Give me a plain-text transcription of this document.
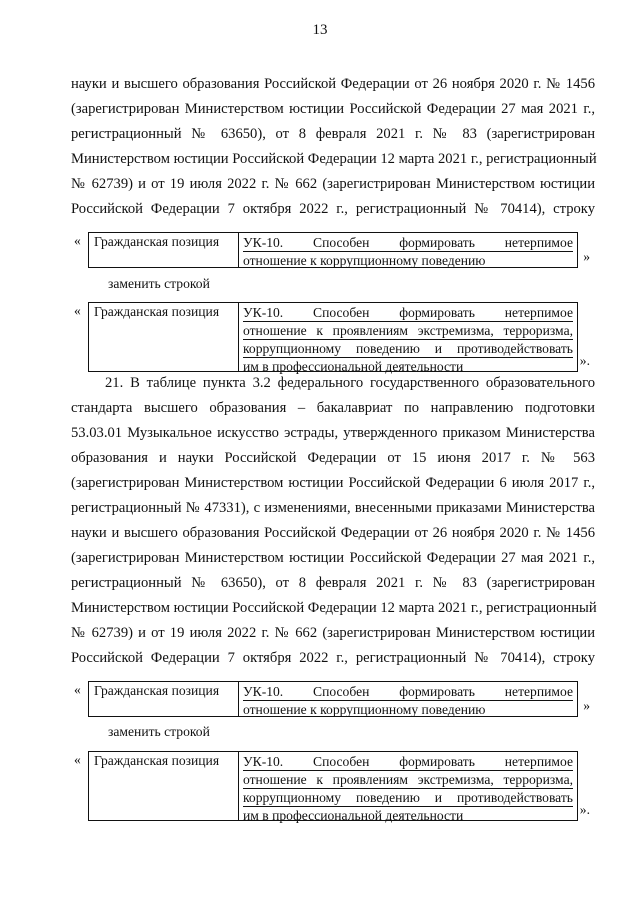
13
науки и высшего образования Российской Федерации от 26 ноября 2020 г. № 1456
(зарегистрирован Министерством юстиции Российской Федерации 27 мая 2021 г.,
регистрационный № 63650), от 8 февраля 2021 г. № 83 (зарегистрирован
Министерством юстиции Российской Федерации 12 марта 2021 г., регистрационный
№ 62739) и от 19 июля 2022 г. № 662 (зарегистрирован Министерством юстиции
Российской Федерации 7 октября 2022 г., регистрационный № 70414), строку
« Гражданская позиция	УК-10. Способен формировать нетерпимое
отношение к коррупционному поведению	»
заменить строкой
« Гражданская позиция	УК-10. Способен формировать нетерпимое
отношение к проявлениям экстремизма, терроризма,
коррупционному поведению и противодействовать
им в профессиональной деятельности	».
21. В таблице пункта 3.2 федерального государственного образовательного
стандарта высшего образования – бакалавриат по направлению подготовки
53.03.01 Музыкальное искусство эстрады, утвержденного приказом Министерства
образования и науки Российской Федерации от 15 июня 2017 г. № 563
(зарегистрирован Министерством юстиции Российской Федерации 6 июля 2017 г.,
регистрационный № 47331), с изменениями, внесенными приказами Министерства
науки и высшего образования Российской Федерации от 26 ноября 2020 г. № 1456
(зарегистрирован Министерством юстиции Российской Федерации 27 мая 2021 г.,
регистрационный № 63650), от 8 февраля 2021 г. № 83 (зарегистрирован
Министерством юстиции Российской Федерации 12 марта 2021 г., регистрационный
№ 62739) и от 19 июля 2022 г. № 662 (зарегистрирован Министерством юстиции
Российской Федерации 7 октября 2022 г., регистрационный № 70414), строку
« Гражданская позиция	УК-10. Способен формировать нетерпимое
отношение к коррупционному поведению	»
заменить строкой
« Гражданская позиция	УК-10. Способен формировать нетерпимое
отношение к проявлениям экстремизма, терроризма,
коррупционному поведению и противодействовать
им в профессиональной деятельности	».
